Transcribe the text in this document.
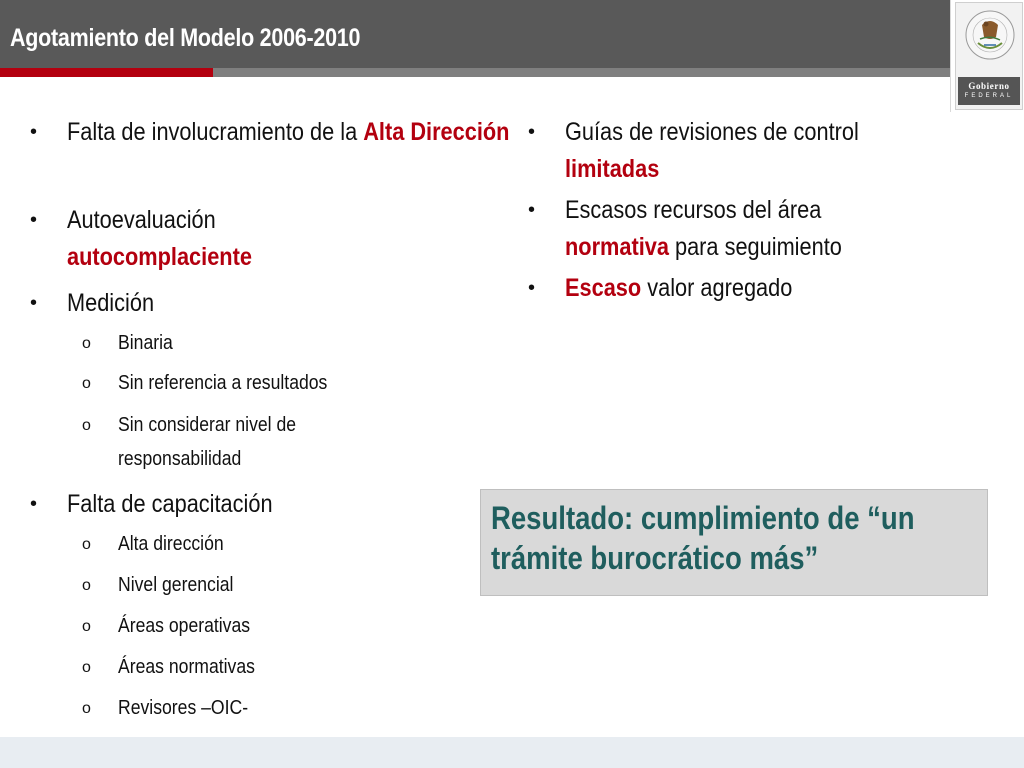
Agotamiento del Modelo 2006-2010
Gobierno
FEDERAL
• Falta de involucramiento de la Alta Dirección
• Autoevaluación
autocomplaciente
• Medición
o Binaria
o Sin referencia a resultados
o Sin considerar nivel de responsabilidad
• Falta de capacitación
o Alta dirección
o Nivel gerencial
o Áreas operativas
o Áreas normativas
o Revisores –OIC-
• Guías de revisiones de control
limitadas
• Escasos recursos del área
normativa para seguimiento
• Escaso valor agregado
Resultado: cumplimiento de “un trámite burocrático más”
